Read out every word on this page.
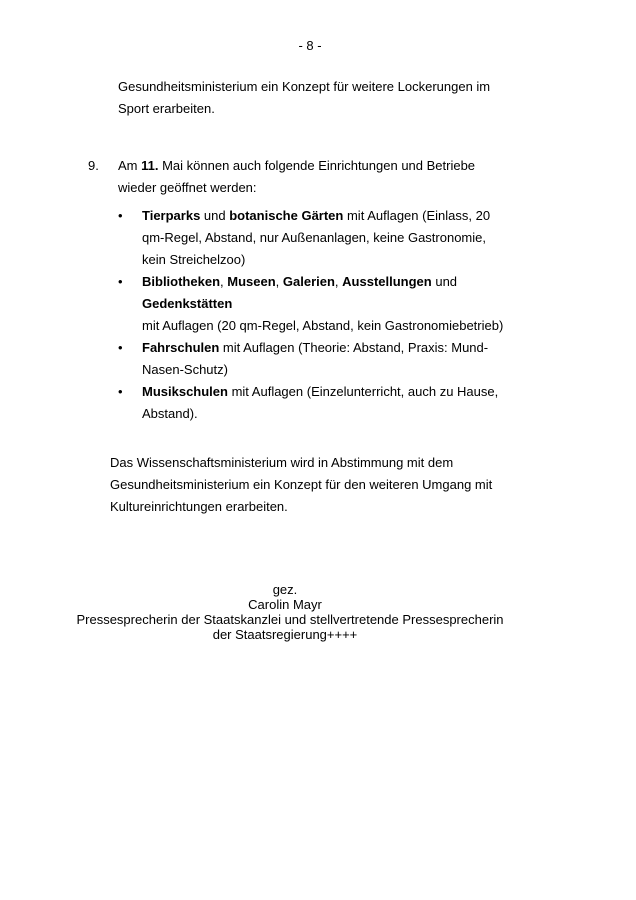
- 8 -

Gesundheitsministerium ein Konzept für weitere Lockerungen im
Sport erarbeiten.

9. Am 11. Mai können auch folgende Einrichtungen und Betriebe
wieder geöffnet werden:
• Tierparks und botanische Gärten mit Auflagen (Einlass, 20
qm-Regel, Abstand, nur Außenanlagen, keine Gastronomie,
kein Streichelzoo)
• Bibliotheken, Museen, Galerien, Ausstellungen und
Gedenkstätten
mit Auflagen (20 qm-Regel, Abstand, kein Gastronomiebetrieb)
• Fahrschulen mit Auflagen (Theorie: Abstand, Praxis: Mund-
Nasen-Schutz)
• Musikschulen mit Auflagen (Einzelunterricht, auch zu Hause,
Abstand).

Das Wissenschaftsministerium wird in Abstimmung mit dem
Gesundheitsministerium ein Konzept für den weiteren Umgang mit
Kultureinrichtungen erarbeiten.

gez.
Carolin Mayr
Pressesprecherin der Staatskanzlei und stellvertretende Pressesprecherin
der Staatsregierung++++
